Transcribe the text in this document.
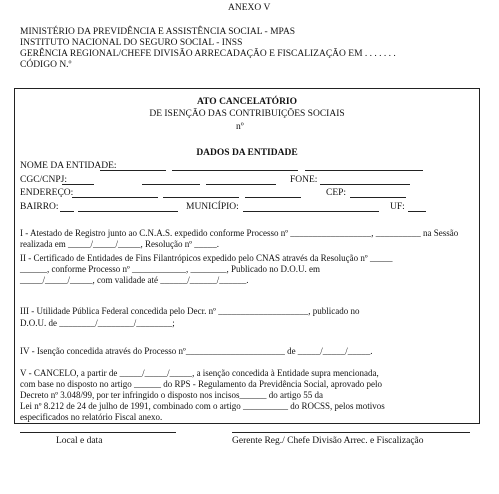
ANEXO V
MINISTÉRIO DA PREVIDÊNCIA E ASSISTÊNCIA SOCIAL - MPAS
INSTITUTO NACIONAL DO SEGURO SOCIAL - INSS
GERÊNCIA REGIONAL/CHEFE DIVISÃO ARRECADAÇÃO E FISCALIZAÇÃO EM . . . . . . .
CÓDIGO N.º
ATO CANCELATÓRIO
DE ISENÇÃO DAS CONTRIBUIÇÕES SOCIAIS
nº
DADOS DA ENTIDADE
NOME DA ENTIDADE:
CGC/CNPJ:	FONE:
ENDEREÇO:	CEP:
BAIRRO:	MUNICÍPIO:	UF:
I - Atestado de Registro junto ao C.N.A.S. expedido conforme Processo nº __________________, __________ na Sessão
realizada em _____/_____/_____, Resolução nº _____.
II - Certificado de Entidades de Fins Filantrópicos expedido pelo CNAS através da Resolução nº _____
______, conforme Processo nº ____________, ________, Publicado no D.O.U. em
_____/_____/_____, com validade até ______/______/______.
III - Utilidade Pública Federal concedida pelo Decr. nº ____________________, publicado no
D.O.U. de ________/________/________;
IV - Isenção concedida através do Processo nº______________________ de _____/_____/_____.
V - CANCELO, a partir de _____/_____/_____, a isenção concedida à Entidade supra mencionada,
com base no disposto no artigo ______ do RPS - Regulamento da Previdência Social, aprovado pelo
Decreto nº 3.048/99, por ter infringido o disposto nos incisos______ do artigo 55 da
Lei nº 8.212 de 24 de julho de 1991, combinado com o artigo __________ do ROCSS, pelos motivos
especificados no relatório Fiscal anexo.
Local e data	Gerente Reg./ Chefe Divisão Arrec. e Fiscalização
